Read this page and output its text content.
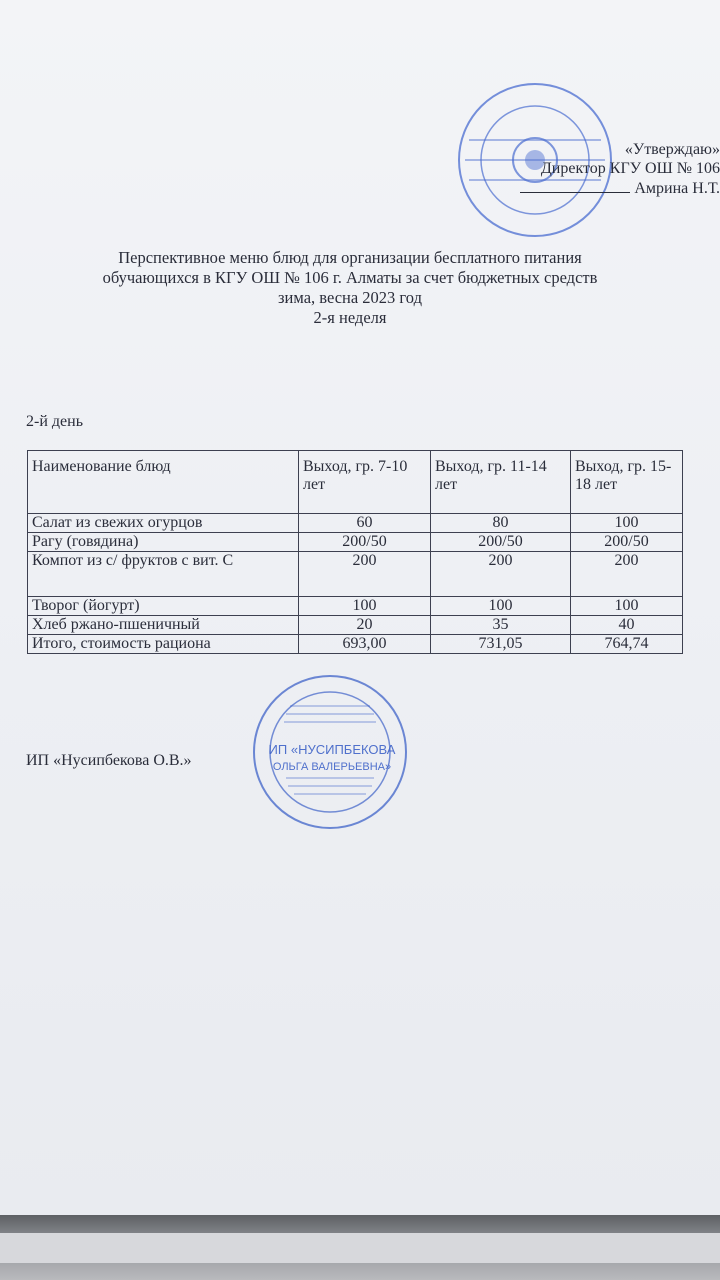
«Утверждаю»
Директор КГУ ОШ № 106
Амрина Н.Т.
Перспективное меню блюд для организации бесплатного питания
обучающихся в КГУ ОШ № 106 г. Алматы за счет бюджетных средств
зима, весна 2023 год
2-я неделя
2-й день
Наименование блюд	Выход, гр. 7-10 лет	Выход, гр. 11-14 лет	Выход, гр. 15-18 лет
Салат из свежих огурцов	60	80	100
Рагу (говядина)	200/50	200/50	200/50
Компот из с/ фруктов с вит. С	200	200	200
Творог (йогурт)	100	100	100
Хлеб ржано-пшеничный	20	35	40
Итого, стоимость рациона	693,00	731,05	764,74
ИП «НУСИПБЕКОВА
ОЛЬГА ВАЛЕРЬЕВНА»
ИП «Нусипбекова О.В.»
